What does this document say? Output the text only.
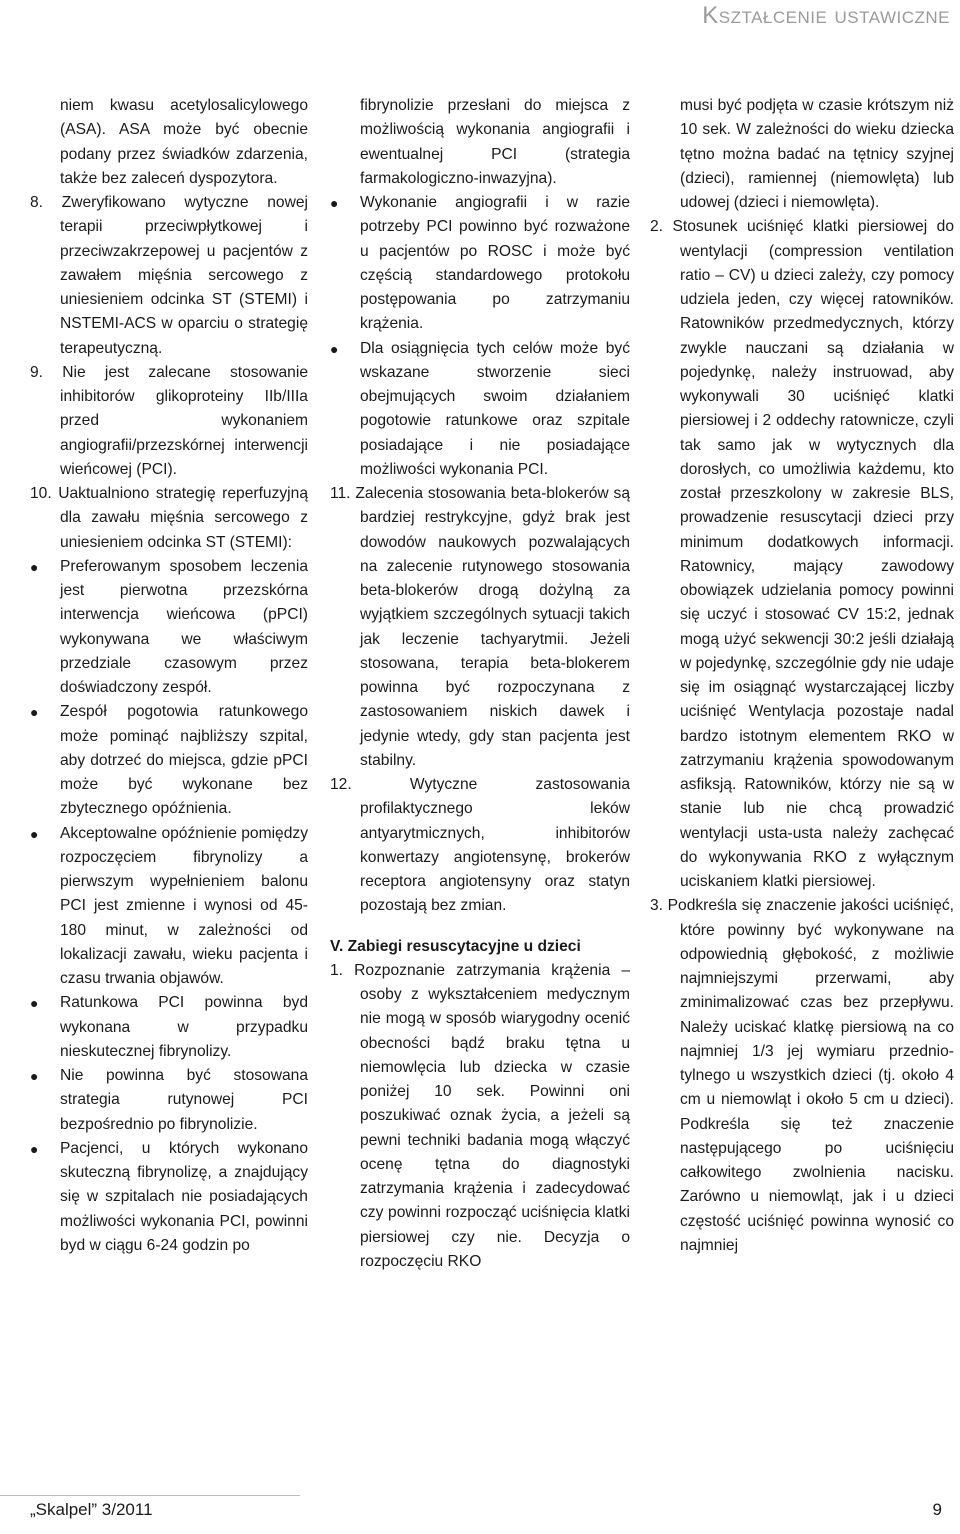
Kształcenie ustawiczne

niem kwasu acetylosalicylowego (ASA). ASA może być obecnie podany przez świadków zdarzenia, także bez zaleceń dyspozytora.

8. Zweryfikowano wytyczne nowej terapii przeciwpłytkowej i przeciwzakrzepowej u pacjentów z zawałem mięśnia sercowego z uniesieniem odcinka ST (STEMI) i NSTEMI-ACS w oparciu o strategię terapeutyczną.

9. Nie jest zalecane stosowanie inhibitorów glikoproteiny IIb/IIIa przed wykonaniem angiografii/przezskórnej interwencji wieńcowej (PCI).

10. Uaktualniono strategię reperfuzyjną dla zawału mięśnia sercowego z uniesieniem odcinka ST (STEMI):

● Preferowanym sposobem leczenia jest pierwotna przezskórna interwencja wieńcowa (pPCI) wykonywana we właściwym przedziale czasowym przez doświadczony zespół.
● Zespół pogotowia ratunkowego może pominąć najbliższy szpital, aby dotrzeć do miejsca, gdzie pPCI może być wykonane bez zbytecznego opóźnienia.
● Akceptowalne opóźnienie pomiędzy rozpoczęciem fibrynolizy a pierwszym wypełnieniem balonu PCI jest zmienne i wynosi od 45-180 minut, w zależności od lokalizacji zawału, wieku pacjenta i czasu trwania objawów.
● Ratunkowa PCI powinna byd wykonana w przypadku nieskutecznej fibrynolizy.
● Nie powinna być stosowana strategia rutynowej PCI bezpośrednio po fibrynolizie.
● Pacjenci, u których wykonano skuteczną fibrynolizę, a znajdujący się w szpitalach nie posiadających możliwości wykonania PCI, powinni byd w ciągu 6-24 godzin po

fibrynolizie przesłani do miejsca z możliwością wykonania angiografii i ewentualnej PCI (strategia farmakologiczno-inwazyjna).

● Wykonanie angiografii i w razie potrzeby PCI powinno być rozważone u pacjentów po ROSC i może być częścią standardowego protokołu postępowania po zatrzymaniu krążenia.
● Dla osiągnięcia tych celów może być wskazane stworzenie sieci obejmujących swoim działaniem pogotowie ratunkowe oraz szpitale posiadające i nie posiadające możliwości wykonania PCI.

11. Zalecenia stosowania beta-blokerów są bardziej restrykcyjne, gdyż brak jest dowodów naukowych pozwalających na zalecenie rutynowego stosowania beta-blokerów drogą dożylną za wyjątkiem szczególnych sytuacji takich jak leczenie tachyarytmii. Jeżeli stosowana, terapia beta-blokerem powinna być rozpoczynana z zastosowaniem niskich dawek i jedynie wtedy, gdy stan pacjenta jest stabilny.

12. Wytyczne zastosowania profilaktycznego leków antyarytmicznych, inhibitorów konwertazy angiotensynę, brokerów receptora angiotensyny oraz statyn pozostają bez zmian.

V. Zabiegi resuscytacyjne u dzieci

1. Rozpoznanie zatrzymania krążenia – osoby z wykształceniem medycznym nie mogą w sposób wiarygodny ocenić obecności bądź braku tętna u niemowlęcia lub dziecka w czasie poniżej 10 sek. Powinni oni poszukiwać oznak życia, a jeżeli są pewni techniki badania mogą włączyć ocenę tętna do diagnostyki zatrzymania krążenia i zadecydować czy powinni rozpocząć uciśnięcia klatki piersiowej czy nie. Decyzja o rozpoczęciu RKO

musi być podjęta w czasie krótszym niż 10 sek. W zależności do wieku dziecka tętno można badać na tętnicy szyjnej (dzieci), ramiennej (niemowlęta) lub udowej (dzieci i niemowlęta).

2. Stosunek uciśnięć klatki piersiowej do wentylacji (compression ventilation ratio – CV) u dzieci zależy, czy pomocy udziela jeden, czy więcej ratowników. Ratowników przedmedycznych, którzy zwykle nauczani są działania w pojedynkę, należy instruowad, aby wykonywali 30 uciśnięć klatki piersiowej i 2 oddechy ratownicze, czyli tak samo jak w wytycznych dla dorosłych, co umożliwia każdemu, kto został przeszkolony w zakresie BLS, prowadzenie resuscytacji dzieci przy minimum dodatkowych informacji. Ratownicy, mający zawodowy obowiązek udzielania pomocy powinni się uczyć i stosować CV 15:2, jednak mogą użyć sekwencji 30:2 jeśli działają w pojedynkę, szczególnie gdy nie udaje się im osiągnąć wystarczającej liczby uciśnięć Wentylacja pozostaje nadal bardzo istotnym elementem RKO w zatrzymaniu krążenia spowodowanym asfiksją. Ratowników, którzy nie są w stanie lub nie chcą prowadzić wentylacji usta-usta należy zachęcać do wykonywania RKO z wyłącznym uciskaniem klatki piersiowej.

3. Podkreśla się znaczenie jakości uciśnięć, które powinny być wykonywane na odpowiednią głębokość, z możliwie najmniejszymi przerwami, aby zminimalizować czas bez przepływu. Należy uciskać klatkę piersiową na co najmniej 1/3 jej wymiaru przednio-tylnego u wszystkich dzieci (tj. około 4 cm u niemowląt i około 5 cm u dzieci). Podkreśla się też znaczenie następującego po uciśnięciu całkowitego zwolnienia nacisku. Zarówno u niemowląt, jak i u dzieci częstość uciśnięć powinna wynosić co najmniej

„Skalpel” 3/2011	9
